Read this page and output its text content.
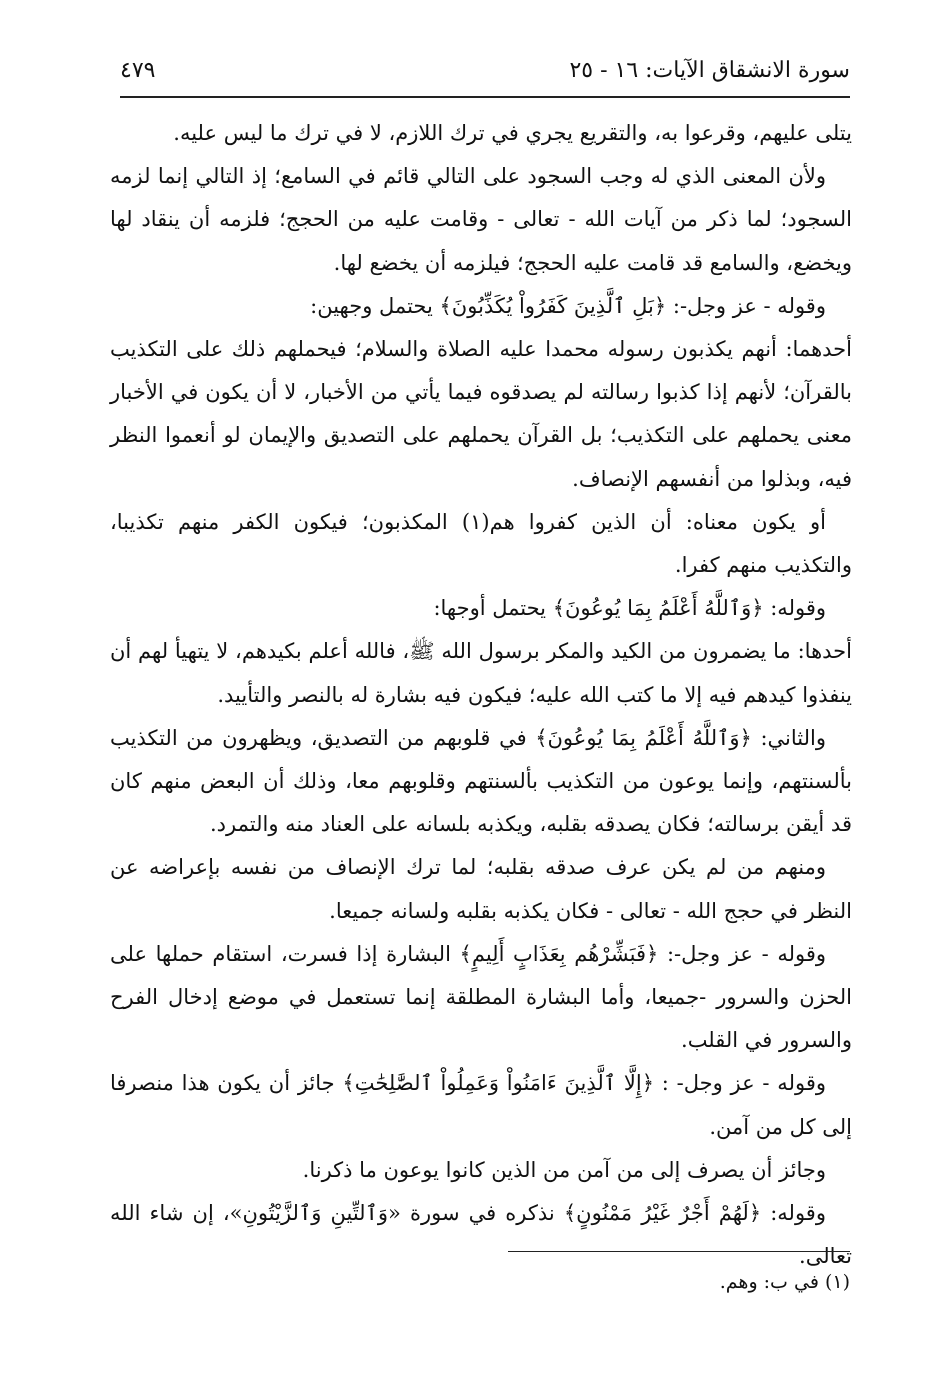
سورة الانشقاق الآيات: ١٦ - ٢٥
٤٧٩

يتلى عليهم، وقرعوا به، والتقريع يجري في ترك اللازم، لا في ترك ما ليس عليه.

ولأن المعنى الذي له وجب السجود على التالي قائم في السامع؛ إذ التالي إنما لزمه السجود؛ لما ذكر من آيات الله - تعالى - وقامت عليه من الحجج؛ فلزمه أن ينقاد لها ويخضع، والسامع قد قامت عليه الحجج؛ فيلزمه أن يخضع لها.

وقوله - عز وجل-: ﴿بَلِ ٱلَّذِينَ كَفَرُواْ يُكَذِّبُونَ﴾ يحتمل وجهين:

أحدهما: أنهم يكذبون رسوله محمدا عليه الصلاة والسلام؛ فيحملهم ذلك على التكذيب بالقرآن؛ لأنهم إذا كذبوا رسالته لم يصدقوه فيما يأتي من الأخبار، لا أن يكون في الأخبار معنى يحملهم على التكذيب؛ بل القرآن يحملهم على التصديق والإيمان لو أنعموا النظر فيه، وبذلوا من أنفسهم الإنصاف.

أو يكون معناه: أن الذين كفروا هم(١) المكذبون؛ فيكون الكفر منهم تكذيبا، والتكذيب منهم كفرا.

وقوله: ﴿وَٱللَّهُ أَعْلَمُ بِمَا يُوعُونَ﴾ يحتمل أوجها:

أحدها: ما يضمرون من الكيد والمكر برسول الله ﷺ، فالله أعلم بكيدهم، لا يتهيأ لهم أن ينفذوا كيدهم فيه إلا ما كتب الله عليه؛ فيكون فيه بشارة له بالنصر والتأييد.

والثاني: ﴿وَٱللَّهُ أَعْلَمُ بِمَا يُوعُونَ﴾ في قلوبهم من التصديق، ويظهرون من التكذيب بألسنتهم، وإنما يوعون من التكذيب بألسنتهم وقلوبهم معا، وذلك أن البعض منهم كان قد أيقن برسالته؛ فكان يصدقه بقلبه، ويكذبه بلسانه على العناد منه والتمرد.

ومنهم من لم يكن عرف صدقه بقلبه؛ لما ترك الإنصاف من نفسه بإعراضه عن النظر في حجج الله - تعالى - فكان يكذبه بقلبه ولسانه جميعا.

وقوله - عز وجل-: ﴿فَبَشِّرْهُم بِعَذَابٍ أَلِيمٍ﴾ البشارة إذا فسرت، استقام حملها على الحزن والسرور -جميعا، وأما البشارة المطلقة إنما تستعمل في موضع إدخال الفرح والسرور في القلب.

وقوله - عز وجل- : ﴿إِلَّا ٱلَّذِينَ ءَامَنُواْ وَعَمِلُواْ ٱلصَّٰلِحَٰتِ﴾ جائز أن يكون هذا منصرفا إلى كل من آمن.

وجائز أن يصرف إلى من آمن من الذين كانوا يوعون ما ذكرنا.

وقوله: ﴿لَهُمْ أَجْرٌ غَيْرُ مَمْنُونٍ﴾ نذكره في سورة «وَٱلتِّينِ وَٱلزَّيْتُونِ»، إن شاء الله تعالى.

(١) في ب: وهم.
